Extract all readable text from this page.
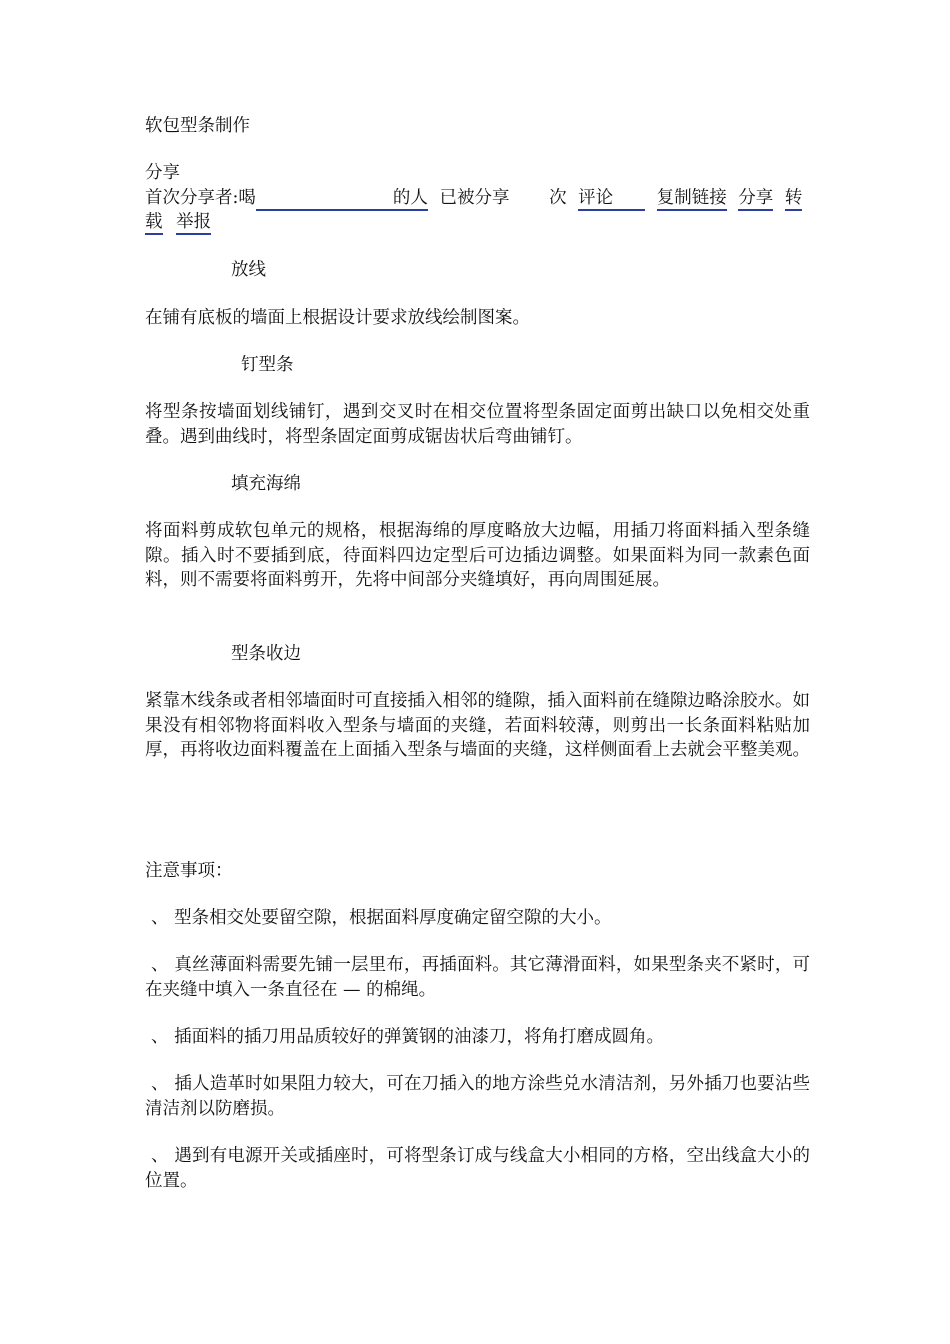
软包型条制作
分享
首次分享者:喝	的人 已被分享 次 评论 复制链接 分享 转
载 举报
放线
在铺有底板的墙面上根据设计要求放线绘制图案。
钉型条
将型条按墙面划线铺钉，遇到交叉时在相交位置将型条固定面剪出缺口以免相交处重叠。遇到曲线时，将型条固定面剪成锯齿状后弯曲铺钉。
填充海绵
将面料剪成软包单元的规格，根据海绵的厚度略放大边幅，用插刀将面料插入型条缝隙。插入时不要插到底，待面料四边定型后可边插边调整。如果面料为同一款素色面料，则不需要将面料剪开，先将中间部分夹缝填好，再向周围延展。
型条收边
紧靠木线条或者相邻墙面时可直接插入相邻的缝隙，插入面料前在缝隙边略涂胶水。如果没有相邻物将面料收入型条与墙面的夹缝，若面料较薄，则剪出一长条面料粘贴加厚，再将收边面料覆盖在上面插入型条与墙面的夹缝，这样侧面看上去就会平整美观。
注意事项：
、 型条相交处要留空隙，根据面料厚度确定留空隙的大小。
、 真丝薄面料需要先铺一层里布，再插面料。其它薄滑面料，如果型条夹不紧时，可在夹缝中填入一条直径在 — 的棉绳。
、 插面料的插刀用品质较好的弹簧钢的油漆刀，将角打磨成圆角。
、 插人造革时如果阻力较大，可在刀插入的地方涂些兑水清洁剂，另外插刀也要沾些清洁剂以防磨损。
、 遇到有电源开关或插座时，可将型条订成与线盒大小相同的方格，空出线盒大小的位置。
